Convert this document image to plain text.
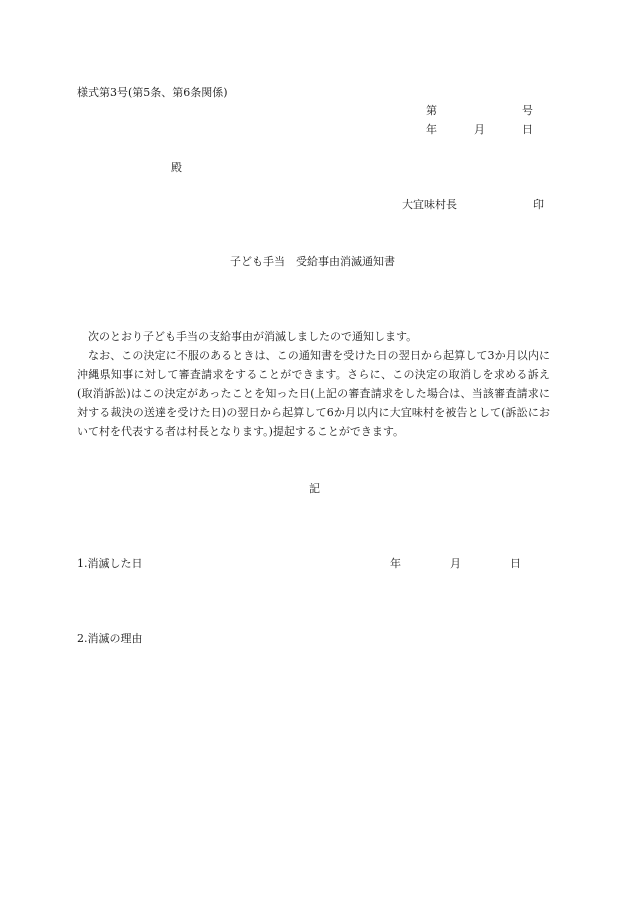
様式第3号(第5条、第6条関係)
第	号
年	月	日
殿
大宜味村長	印
子ども手当　受給事由消滅通知書

次のとおり子ども手当の支給事由が消滅しましたので通知します。

なお、この決定に不服のあるときは、この通知書を受けた日の翌日から起算して3か月以内に沖縄県知事に対して審査請求をすることができます。さらに、この決定の取消しを求める訴え(取消訴訟)はこの決定があったことを知った日(上記の審査請求をした場合は、当該審査請求に対する裁決の送達を受けた日)の翌日から起算して6か月以内に大宜味村を被告として(訴訟において村を代表する者は村長となります。)提起することができます。

記
1.消滅した日	年	月	日
2.消滅の理由
